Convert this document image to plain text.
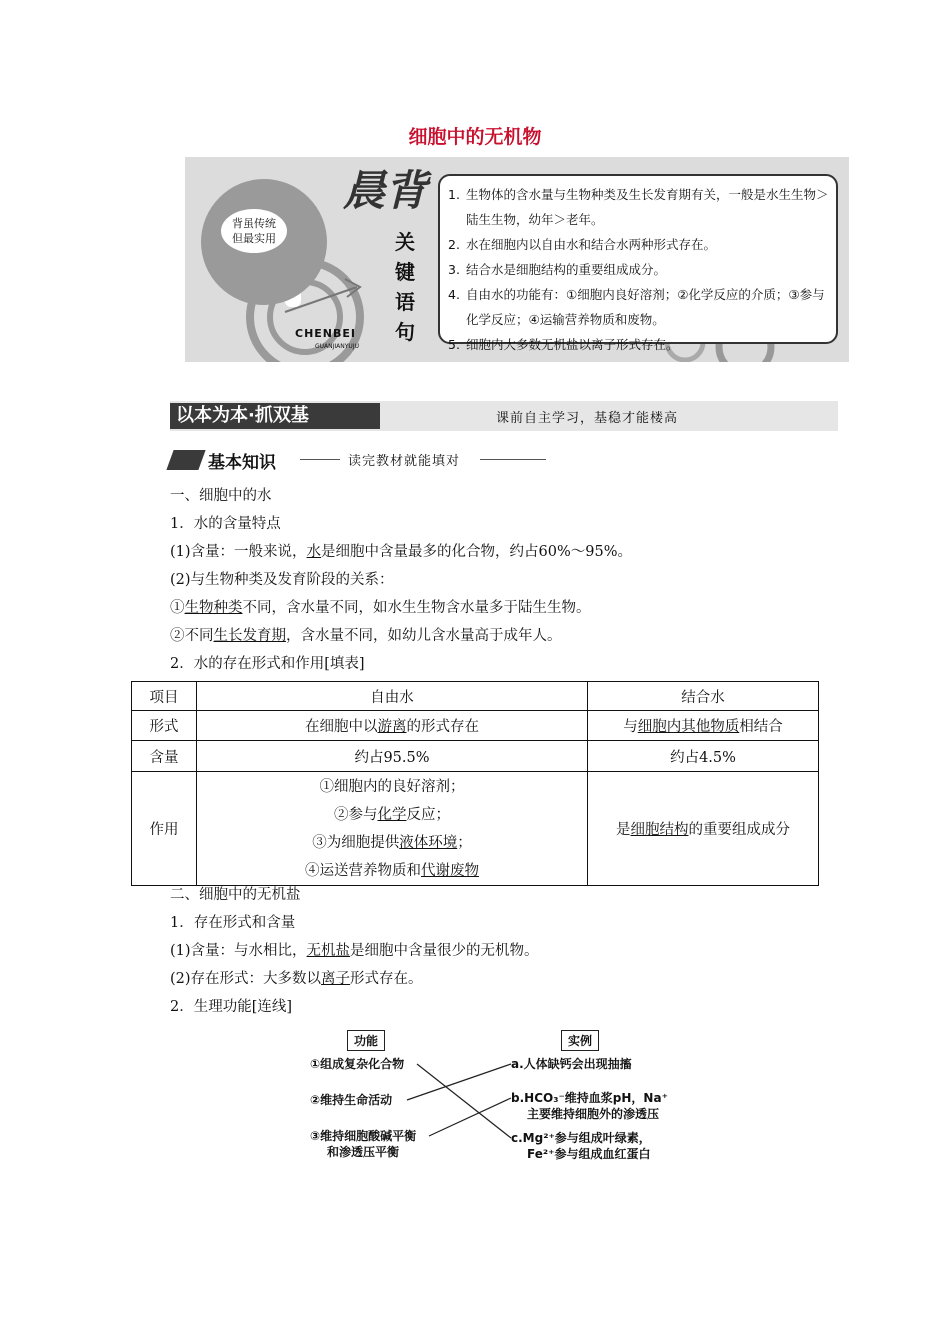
细胞中的无机物
背虽传统
但最实用
CHENBEI
GUANJIANYUJU
晨背
关
键
语
句
1. 生物体的含水量与生物种类及生长发育期有关，一般是水生生物＞陆生生物，幼年＞老年。
2. 水在细胞内以自由水和结合水两种形式存在。
3. 结合水是细胞结构的重要组成成分。
4. 自由水的功能有：①细胞内良好溶剂；②化学反应的介质；③参与化学反应；④运输营养物质和废物。
5. 细胞内大多数无机盐以离子形式存在。
以本为本·抓双基	课前自主学习，基稳才能楼高
基本知识	读完教材就能填对
一、细胞中的水
1．水的含量特点
(1)含量：一般来说，水是细胞中含量最多的化合物，约占60%～95%。
(2)与生物种类及发育阶段的关系：
①生物种类不同，含水量不同，如水生生物含水量多于陆生生物。
②不同生长发育期，含水量不同，如幼儿含水量高于成年人。
2．水的存在形式和作用[填表]
项目	自由水	结合水
形式	在细胞中以游离的形式存在	与细胞内其他物质相结合
含量	约占95.5%	约占4.5%
作用	①细胞内的良好溶剂；
②参与化学反应；
③为细胞提供液体环境；
④运送营养物质和代谢废物	是细胞结构的重要组成成分
二、细胞中的无机盐
1．存在形式和含量
(1)含量：与水相比，无机盐是细胞中含量很少的无机物。
(2)存在形式：大多数以离子形式存在。
2．生理功能[连线]
功能	实例
①组成复杂化合物
②维持生命活动
③维持细胞酸碱平衡
和渗透压平衡
a.人体缺钙会出现抽搐
b.HCO₃⁻维持血浆pH，Na⁺
主要维持细胞外的渗透压
c.Mg²⁺参与组成叶绿素，
Fe²⁺参与组成血红蛋白
